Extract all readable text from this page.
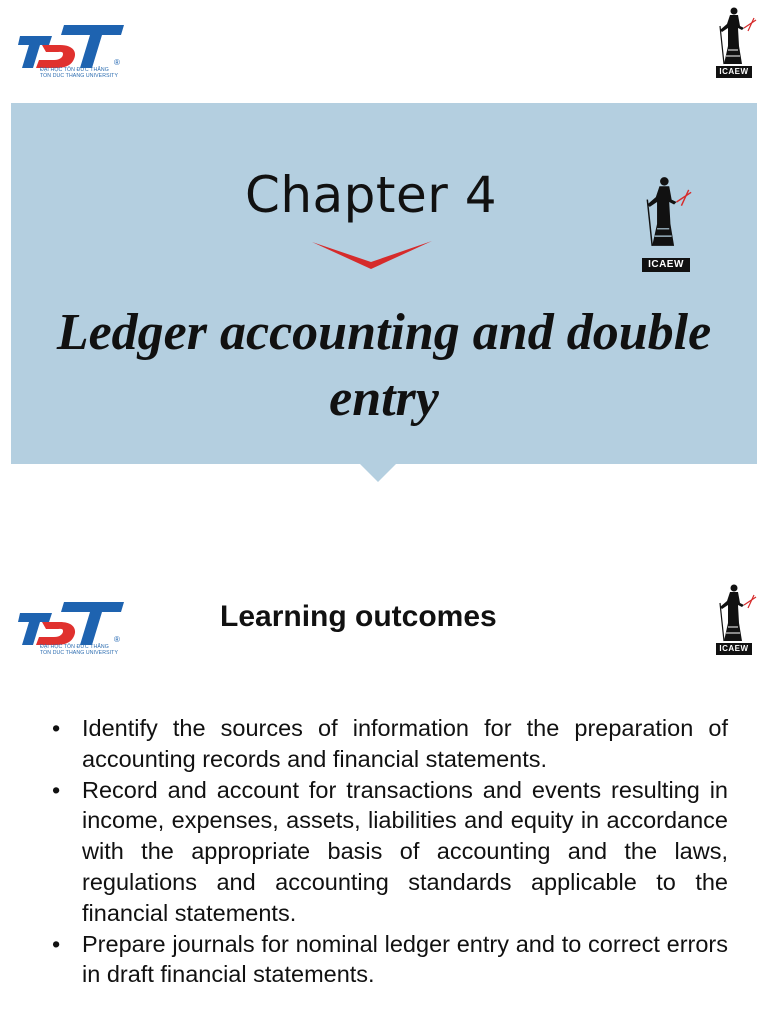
®
ĐẠI HỌC TÔN ĐỨC THẮNG
TON DUC THANG UNIVERSITY	ICAEW
Chapter 4
ICAEW
Ledger accounting and double
entry
®
ĐẠI HỌC TÔN ĐỨC THẮNG
TON DUC THANG UNIVERSITY	ICAEW
Learning outcomes
• Identify the sources of information for the preparation of accounting records and financial statements.
• Record and account for transactions and events resulting in income, expenses, assets, liabilities and equity in accordance with the appropriate basis of accounting and the laws, regulations and accounting standards applicable to the financial statements.
• Prepare journals for nominal ledger entry and to correct errors in draft financial statements.
